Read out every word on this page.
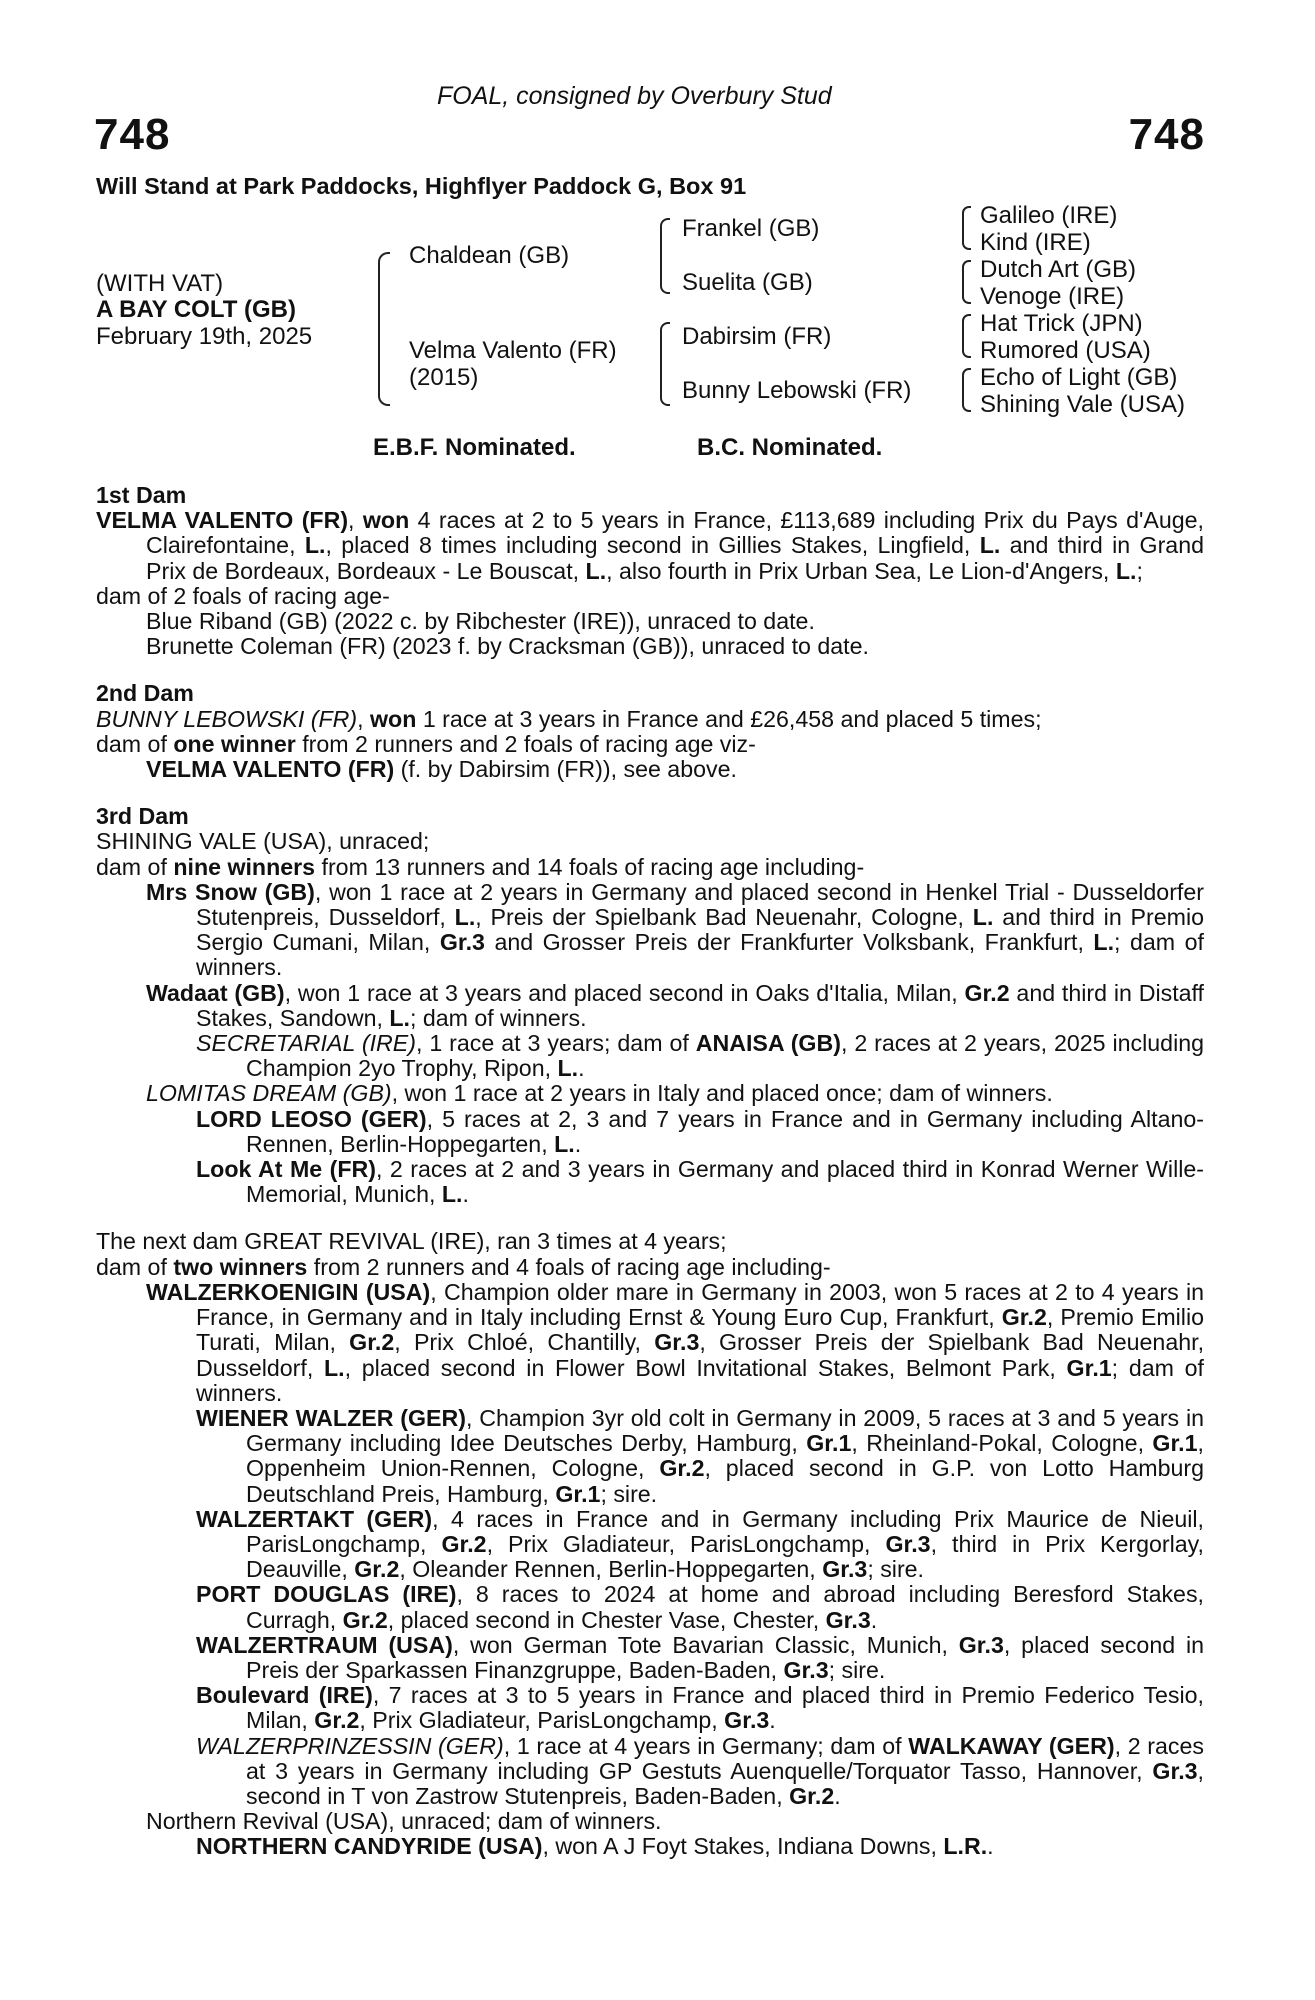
FOAL, consigned by Overbury Stud
748	748
Will Stand at Park Paddocks, Highflyer Paddock G, Box 91
(WITH VAT)
A BAY COLT (GB)
February 19th, 2025
Chaldean (GB)
Velma Valento (FR)
(2015)
Frankel (GB)
Suelita (GB)
Dabirsim (FR)
Bunny Lebowski (FR)
Galileo (IRE)
Kind (IRE)
Dutch Art (GB)
Venoge (IRE)
Hat Trick (JPN)
Rumored (USA)
Echo of Light (GB)
Shining Vale (USA)
E.B.F. Nominated.	B.C. Nominated.
1st Dam
VELMA VALENTO (FR), won 4 races at 2 to 5 years in France, £113,689 including Prix du Pays d'Auge, Clairefontaine, L., placed 8 times including second in Gillies Stakes, Lingfield, L. and third in Grand Prix de Bordeaux, Bordeaux - Le Bouscat, L., also fourth in Prix Urban Sea, Le Lion-d'Angers, L.;
dam of 2 foals of racing age-
Blue Riband (GB) (2022 c. by Ribchester (IRE)), unraced to date.
Brunette Coleman (FR) (2023 f. by Cracksman (GB)), unraced to date.
2nd Dam
BUNNY LEBOWSKI (FR), won 1 race at 3 years in France and £26,458 and placed 5 times;
dam of one winner from 2 runners and 2 foals of racing age viz-
VELMA VALENTO (FR) (f. by Dabirsim (FR)), see above.
3rd Dam
SHINING VALE (USA), unraced;
dam of nine winners from 13 runners and 14 foals of racing age including-
Mrs Snow (GB), won 1 race at 2 years in Germany and placed second in Henkel Trial - Dusseldorfer Stutenpreis, Dusseldorf, L., Preis der Spielbank Bad Neuenahr, Cologne, L. and third in Premio Sergio Cumani, Milan, Gr.3 and Grosser Preis der Frankfurter Volksbank, Frankfurt, L.; dam of winners.
Wadaat (GB), won 1 race at 3 years and placed second in Oaks d'Italia, Milan, Gr.2 and third in Distaff Stakes, Sandown, L.; dam of winners.
SECRETARIAL (IRE), 1 race at 3 years; dam of ANAISA (GB), 2 races at 2 years, 2025 including Champion 2yo Trophy, Ripon, L..
LOMITAS DREAM (GB), won 1 race at 2 years in Italy and placed once; dam of winners.
LORD LEOSO (GER), 5 races at 2, 3 and 7 years in France and in Germany including Altano-Rennen, Berlin-Hoppegarten, L..
Look At Me (FR), 2 races at 2 and 3 years in Germany and placed third in Konrad Werner Wille-Memorial, Munich, L..
The next dam GREAT REVIVAL (IRE), ran 3 times at 4 years;
dam of two winners from 2 runners and 4 foals of racing age including-
WALZERKOENIGIN (USA), Champion older mare in Germany in 2003, won 5 races at 2 to 4 years in France, in Germany and in Italy including Ernst & Young Euro Cup, Frankfurt, Gr.2, Premio Emilio Turati, Milan, Gr.2, Prix Chloé, Chantilly, Gr.3, Grosser Preis der Spielbank Bad Neuenahr, Dusseldorf, L., placed second in Flower Bowl Invitational Stakes, Belmont Park, Gr.1; dam of winners.
WIENER WALZER (GER), Champion 3yr old colt in Germany in 2009, 5 races at 3 and 5 years in Germany including Idee Deutsches Derby, Hamburg, Gr.1, Rheinland-Pokal, Cologne, Gr.1, Oppenheim Union-Rennen, Cologne, Gr.2, placed second in G.P. von Lotto Hamburg Deutschland Preis, Hamburg, Gr.1; sire.
WALZERTAKT (GER), 4 races in France and in Germany including Prix Maurice de Nieuil, ParisLongchamp, Gr.2, Prix Gladiateur, ParisLongchamp, Gr.3, third in Prix Kergorlay, Deauville, Gr.2, Oleander Rennen, Berlin-Hoppegarten, Gr.3; sire.
PORT DOUGLAS (IRE), 8 races to 2024 at home and abroad including Beresford Stakes, Curragh, Gr.2, placed second in Chester Vase, Chester, Gr.3.
WALZERTRAUM (USA), won German Tote Bavarian Classic, Munich, Gr.3, placed second in Preis der Sparkassen Finanzgruppe, Baden-Baden, Gr.3; sire.
Boulevard (IRE), 7 races at 3 to 5 years in France and placed third in Premio Federico Tesio, Milan, Gr.2, Prix Gladiateur, ParisLongchamp, Gr.3.
WALZERPRINZESSIN (GER), 1 race at 4 years in Germany; dam of WALKAWAY (GER), 2 races at 3 years in Germany including GP Gestuts Auenquelle/Torquator Tasso, Hannover, Gr.3, second in T von Zastrow Stutenpreis, Baden-Baden, Gr.2.
Northern Revival (USA), unraced; dam of winners.
NORTHERN CANDYRIDE (USA), won A J Foyt Stakes, Indiana Downs, L.R..
